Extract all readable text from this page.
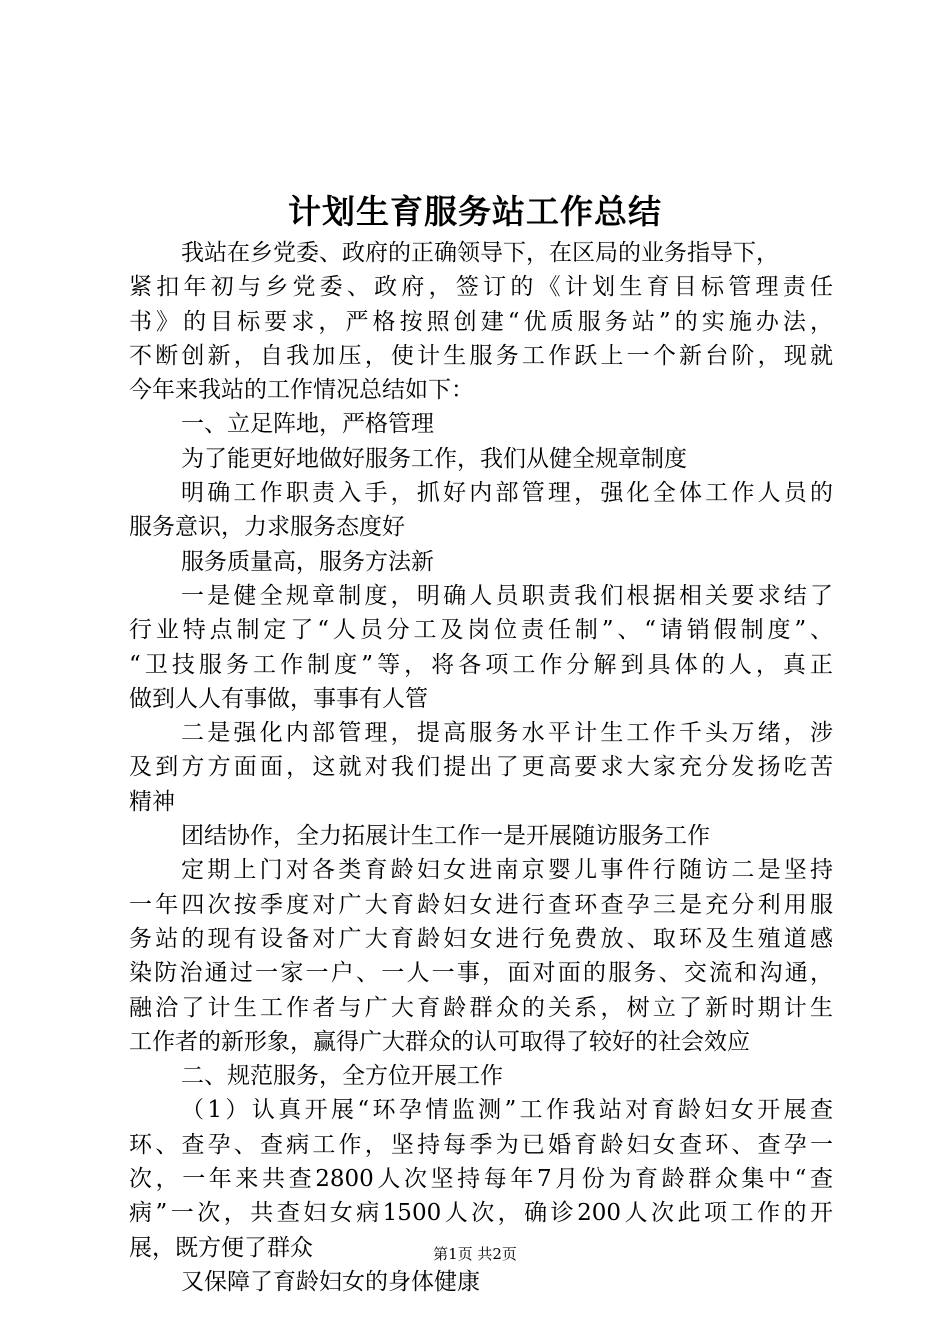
计划生育服务站工作总结
我站在乡党委、政府的正确领导下，在区局的业务指导下，
紧扣年初与乡党委、政府，签订的《计划生育目标管理责任
书》的目标要求，严格按照创建“优质服务站”的实施办法，
不断创新，自我加压，使计生服务工作跃上一个新台阶，现就
今年来我站的工作情况总结如下：
一、立足阵地，严格管理
为了能更好地做好服务工作，我们从健全规章制度
明确工作职责入手，抓好内部管理，强化全体工作人员的
服务意识，力求服务态度好
服务质量高，服务方法新
一是健全规章制度，明确人员职责我们根据相关要求结了
行业特点制定了“人员分工及岗位责任制”、“请销假制度”、
“卫技服务工作制度”等，将各项工作分解到具体的人，真正
做到人人有事做，事事有人管
二是强化内部管理，提高服务水平计生工作千头万绪，涉
及到方方面面，这就对我们提出了更高要求大家充分发扬吃苦
精神
团结协作，全力拓展计生工作一是开展随访服务工作
定期上门对各类育龄妇女进南京婴儿事件行随访二是坚持
一年四次按季度对广大育龄妇女进行查环查孕三是充分利用服
务站的现有设备对广大育龄妇女进行免费放、取环及生殖道感
染防治通过一家一户、一人一事，面对面的服务、交流和沟通，
融洽了计生工作者与广大育龄群众的关系，树立了新时期计生
工作者的新形象，赢得广大群众的认可取得了较好的社会效应
二、规范服务，全方位开展工作
（1）认真开展“环孕情监测”工作我站对育龄妇女开展查
环、查孕、查病工作，坚持每季为已婚育龄妇女查环、查孕一
次，一年来共查2800人次坚持每年7月份为育龄群众集中“查
病”一次，共查妇女病1500人次，确诊200人次此项工作的开
展，既方便了群众
又保障了育龄妇女的身体健康
第1页 共2页
